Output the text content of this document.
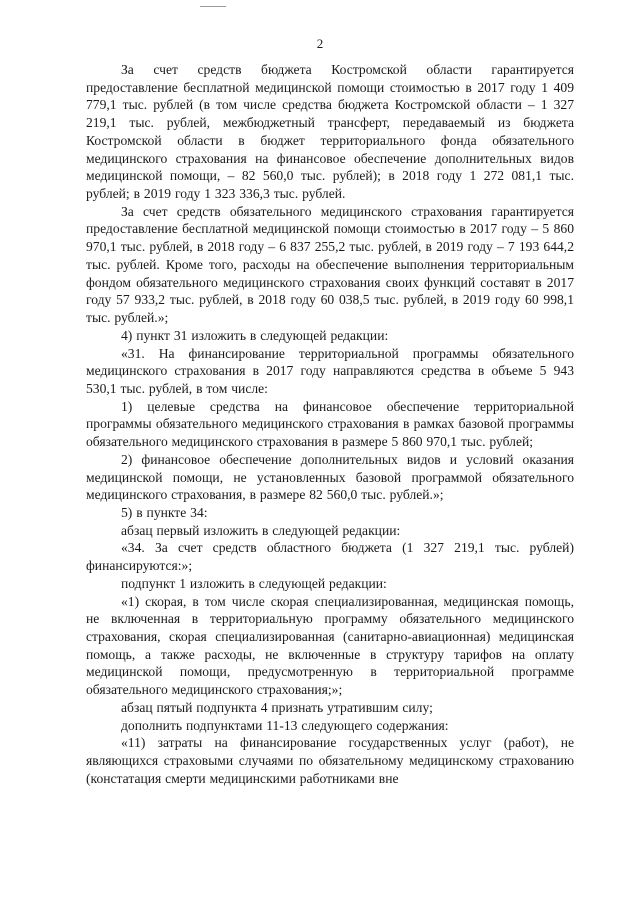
2

За счет средств бюджета Костромской области гарантируется предоставление бесплатной медицинской помощи стоимостью в 2017 году 1 409 779,1 тыс. рублей (в том числе средства бюджета Костромской области – 1 327 219,1 тыс. рублей, межбюджетный трансферт, передаваемый из бюджета Костромской области в бюджет территориального фонда обязательного медицинского страхования на финансовое обеспечение дополнительных видов медицинской помощи, – 82 560,0 тыс. рублей); в 2018 году 1 272 081,1 тыс. рублей; в 2019 году 1 323 336,3 тыс. рублей.

За счет средств обязательного медицинского страхования гарантируется предоставление бесплатной медицинской помощи стоимостью в 2017 году – 5 860 970,1 тыс. рублей, в 2018 году – 6 837 255,2 тыс. рублей, в 2019 году – 7 193 644,2 тыс. рублей. Кроме того, расходы на обеспечение выполнения территориальным фондом обязательного медицинского страхования своих функций составят в 2017 году 57 933,2 тыс. рублей, в 2018 году 60 038,5 тыс. рублей, в 2019 году 60 998,1 тыс. рублей.»;

4) пункт 31 изложить в следующей редакции:

«31. На финансирование территориальной программы обязательного медицинского страхования в 2017 году направляются средства в объеме 5 943 530,1 тыс. рублей, в том числе:

1) целевые средства на финансовое обеспечение территориальной программы обязательного медицинского страхования в рамках базовой программы обязательного медицинского страхования в размере 5 860 970,1 тыс. рублей;

2) финансовое обеспечение дополнительных видов и условий оказания медицинской помощи, не установленных базовой программой обязательного медицинского страхования, в размере 82 560,0 тыс. рублей.»;

5) в пункте 34:

абзац первый изложить в следующей редакции:

«34. За счет средств областного бюджета (1 327 219,1 тыс. рублей) финансируются:»;

подпункт 1 изложить в следующей редакции:

«1) скорая, в том числе скорая специализированная, медицинская помощь, не включенная в территориальную программу обязательного медицинского страхования, скорая специализированная (санитарно-авиационная) медицинская помощь, а также расходы, не включенные в структуру тарифов на оплату медицинской помощи, предусмотренную в территориальной программе обязательного медицинского страхования;»;

абзац пятый подпункта 4 признать утратившим силу;

дополнить подпунктами 11-13 следующего содержания:

«11) затраты на финансирование государственных услуг (работ), не являющихся страховыми случаями по обязательному медицинскому страхованию (констатация смерти медицинскими работниками вне
